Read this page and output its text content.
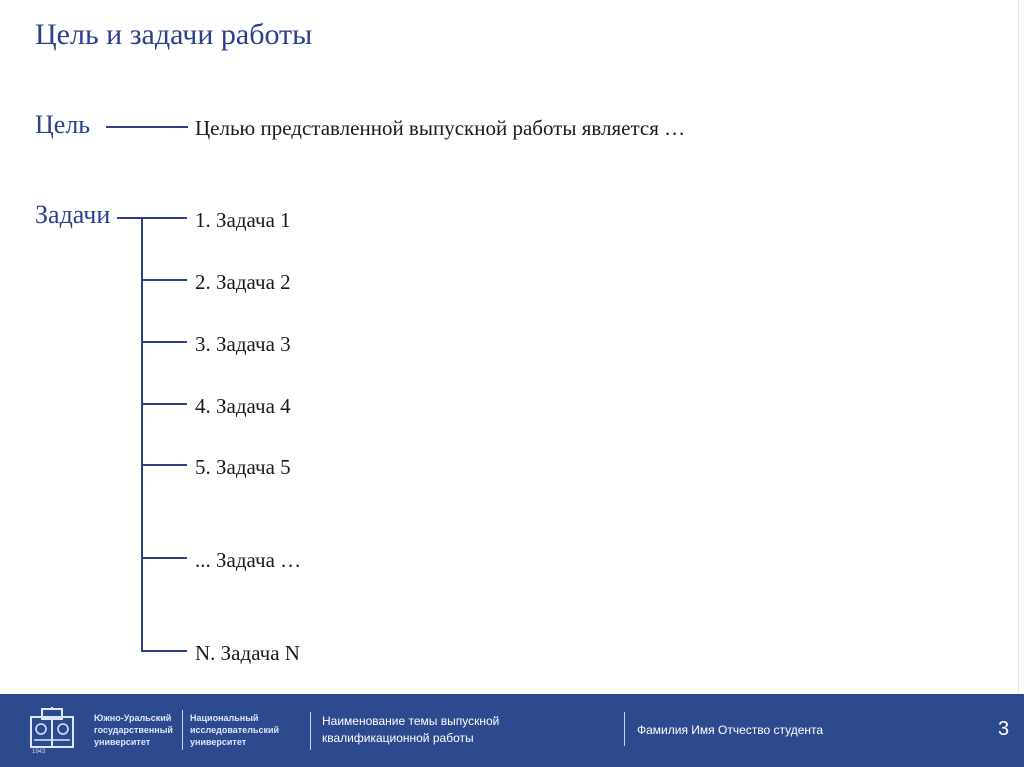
Цель и задачи работы
Цель	Целью представленной выпускной работы является …
Задачи	1. Задача 1
2. Задача 2
3. Задача 3
4. Задача 4
5. Задача 5
... Задача …
N. Задача N
1943
Южно-Уральский
государственный
университет
Национальный
исследовательский
университет
Наименование темы выпускной
квалификационной работы
Фамилия Имя Отчество студента	3
